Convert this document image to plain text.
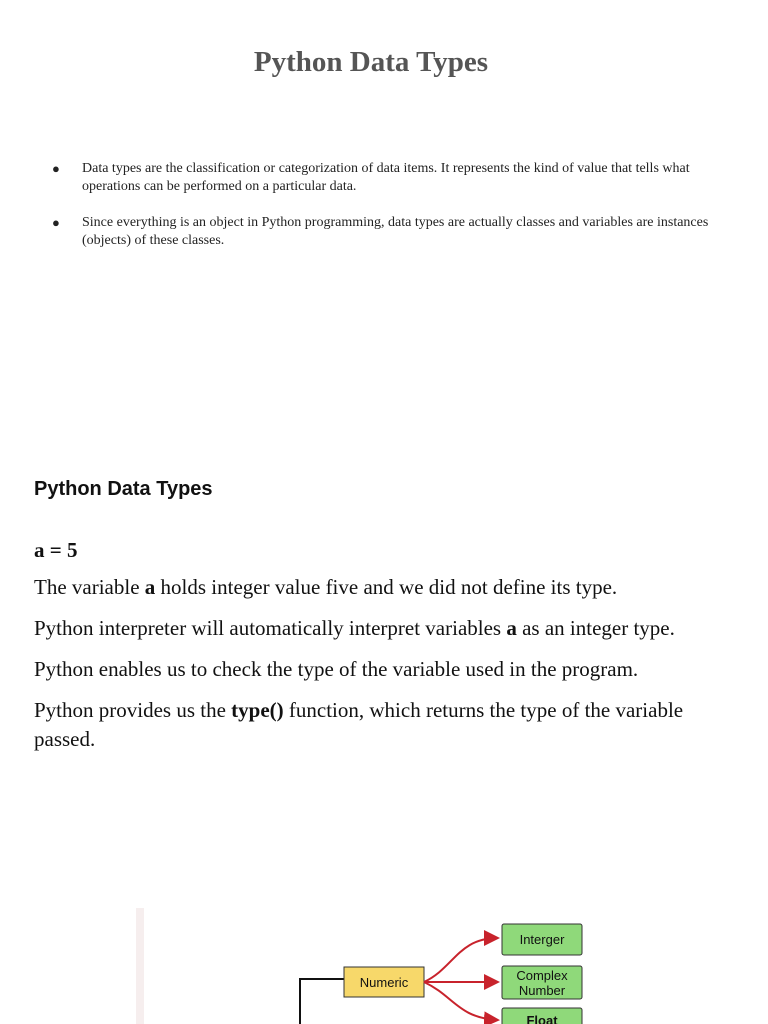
Python Data Types
● Data types are the classification or categorization of data items. It represents the kind of value that tells what operations can be performed on a particular data.
● Since everything is an object in Python programming, data types are actually classes and variables are instances (objects) of these classes.
Python Data Types

a = 5

The variable a holds integer value five and we did not define its type.

Python interpreter will automatically interpret variables a as an integer type.

Python enables us to check the type of the variable used in the program.

Python provides us the type() function, which returns the type of the variable passed.

Numeric
Interger
Complex Number
Float
